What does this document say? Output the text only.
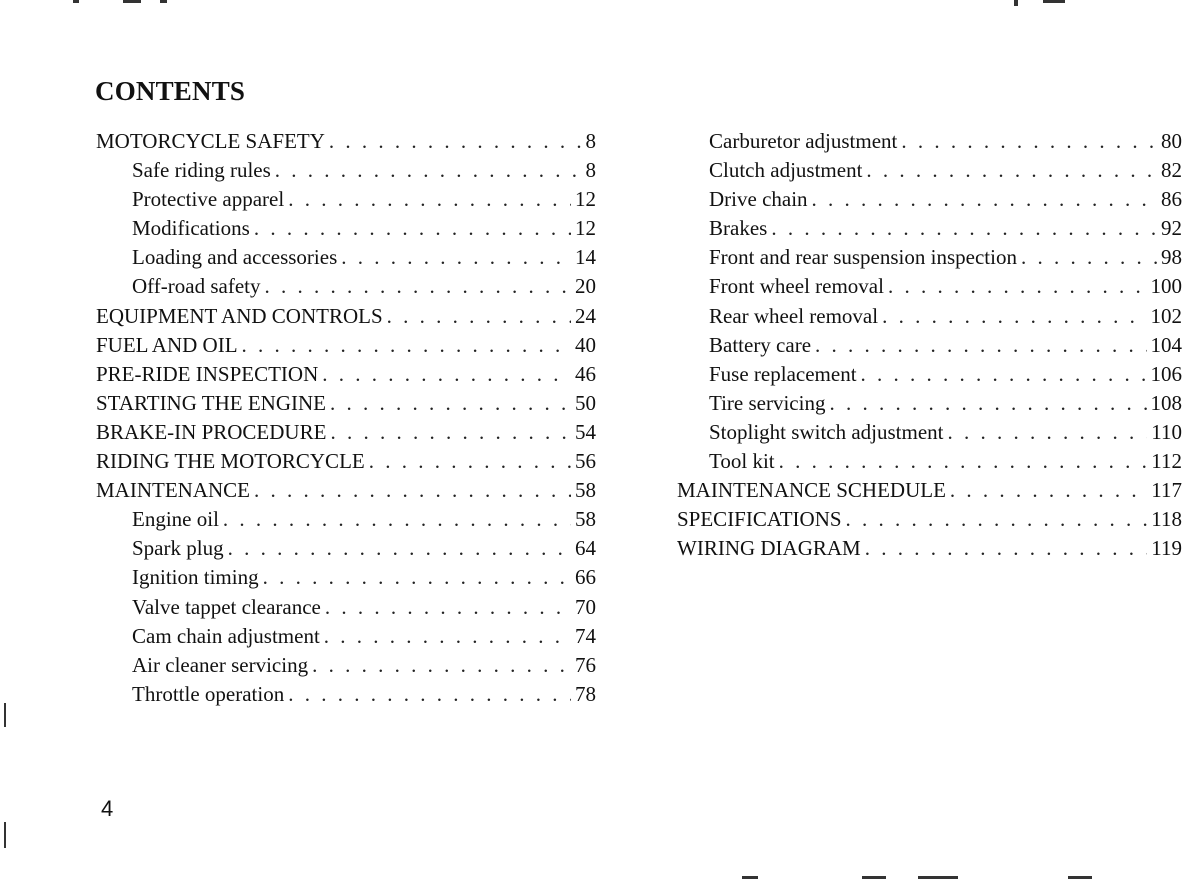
CONTENTS
MOTORCYCLE SAFETY . . .	8
Safe riding rules . . .	8
Protective apparel . . .	12
Modifications . . .	12
Loading and accessories . . .	14
Off-road safety . . .	20
EQUIPMENT AND CONTROLS . . .	24
FUEL AND OIL . . .	40
PRE-RIDE INSPECTION . . .	46
STARTING THE ENGINE . . .	50
BRAKE-IN PROCEDURE . . .	54
RIDING THE MOTORCYCLE . . .	56
MAINTENANCE . . .	58
Engine oil . . .	58
Spark plug . . .	64
Ignition timing . . .	66
Valve tappet clearance . . .	70
Cam chain adjustment . . .	74
Air cleaner servicing . . .	76
Throttle operation . . .	78
Carburetor adjustment . . .	80
Clutch adjustment . . .	82
Drive chain . . .	86
Brakes . . .	92
Front and rear suspension inspection . . .	98
Front wheel removal . . .	100
Rear wheel removal . . .	102
Battery care . . .	104
Fuse replacement . . .	106
Tire servicing . . .	108
Stoplight switch adjustment . . .	110
Tool kit . . .	112
MAINTENANCE SCHEDULE . . .	117
SPECIFICATIONS . . .	118
WIRING DIAGRAM . . .	119
4
